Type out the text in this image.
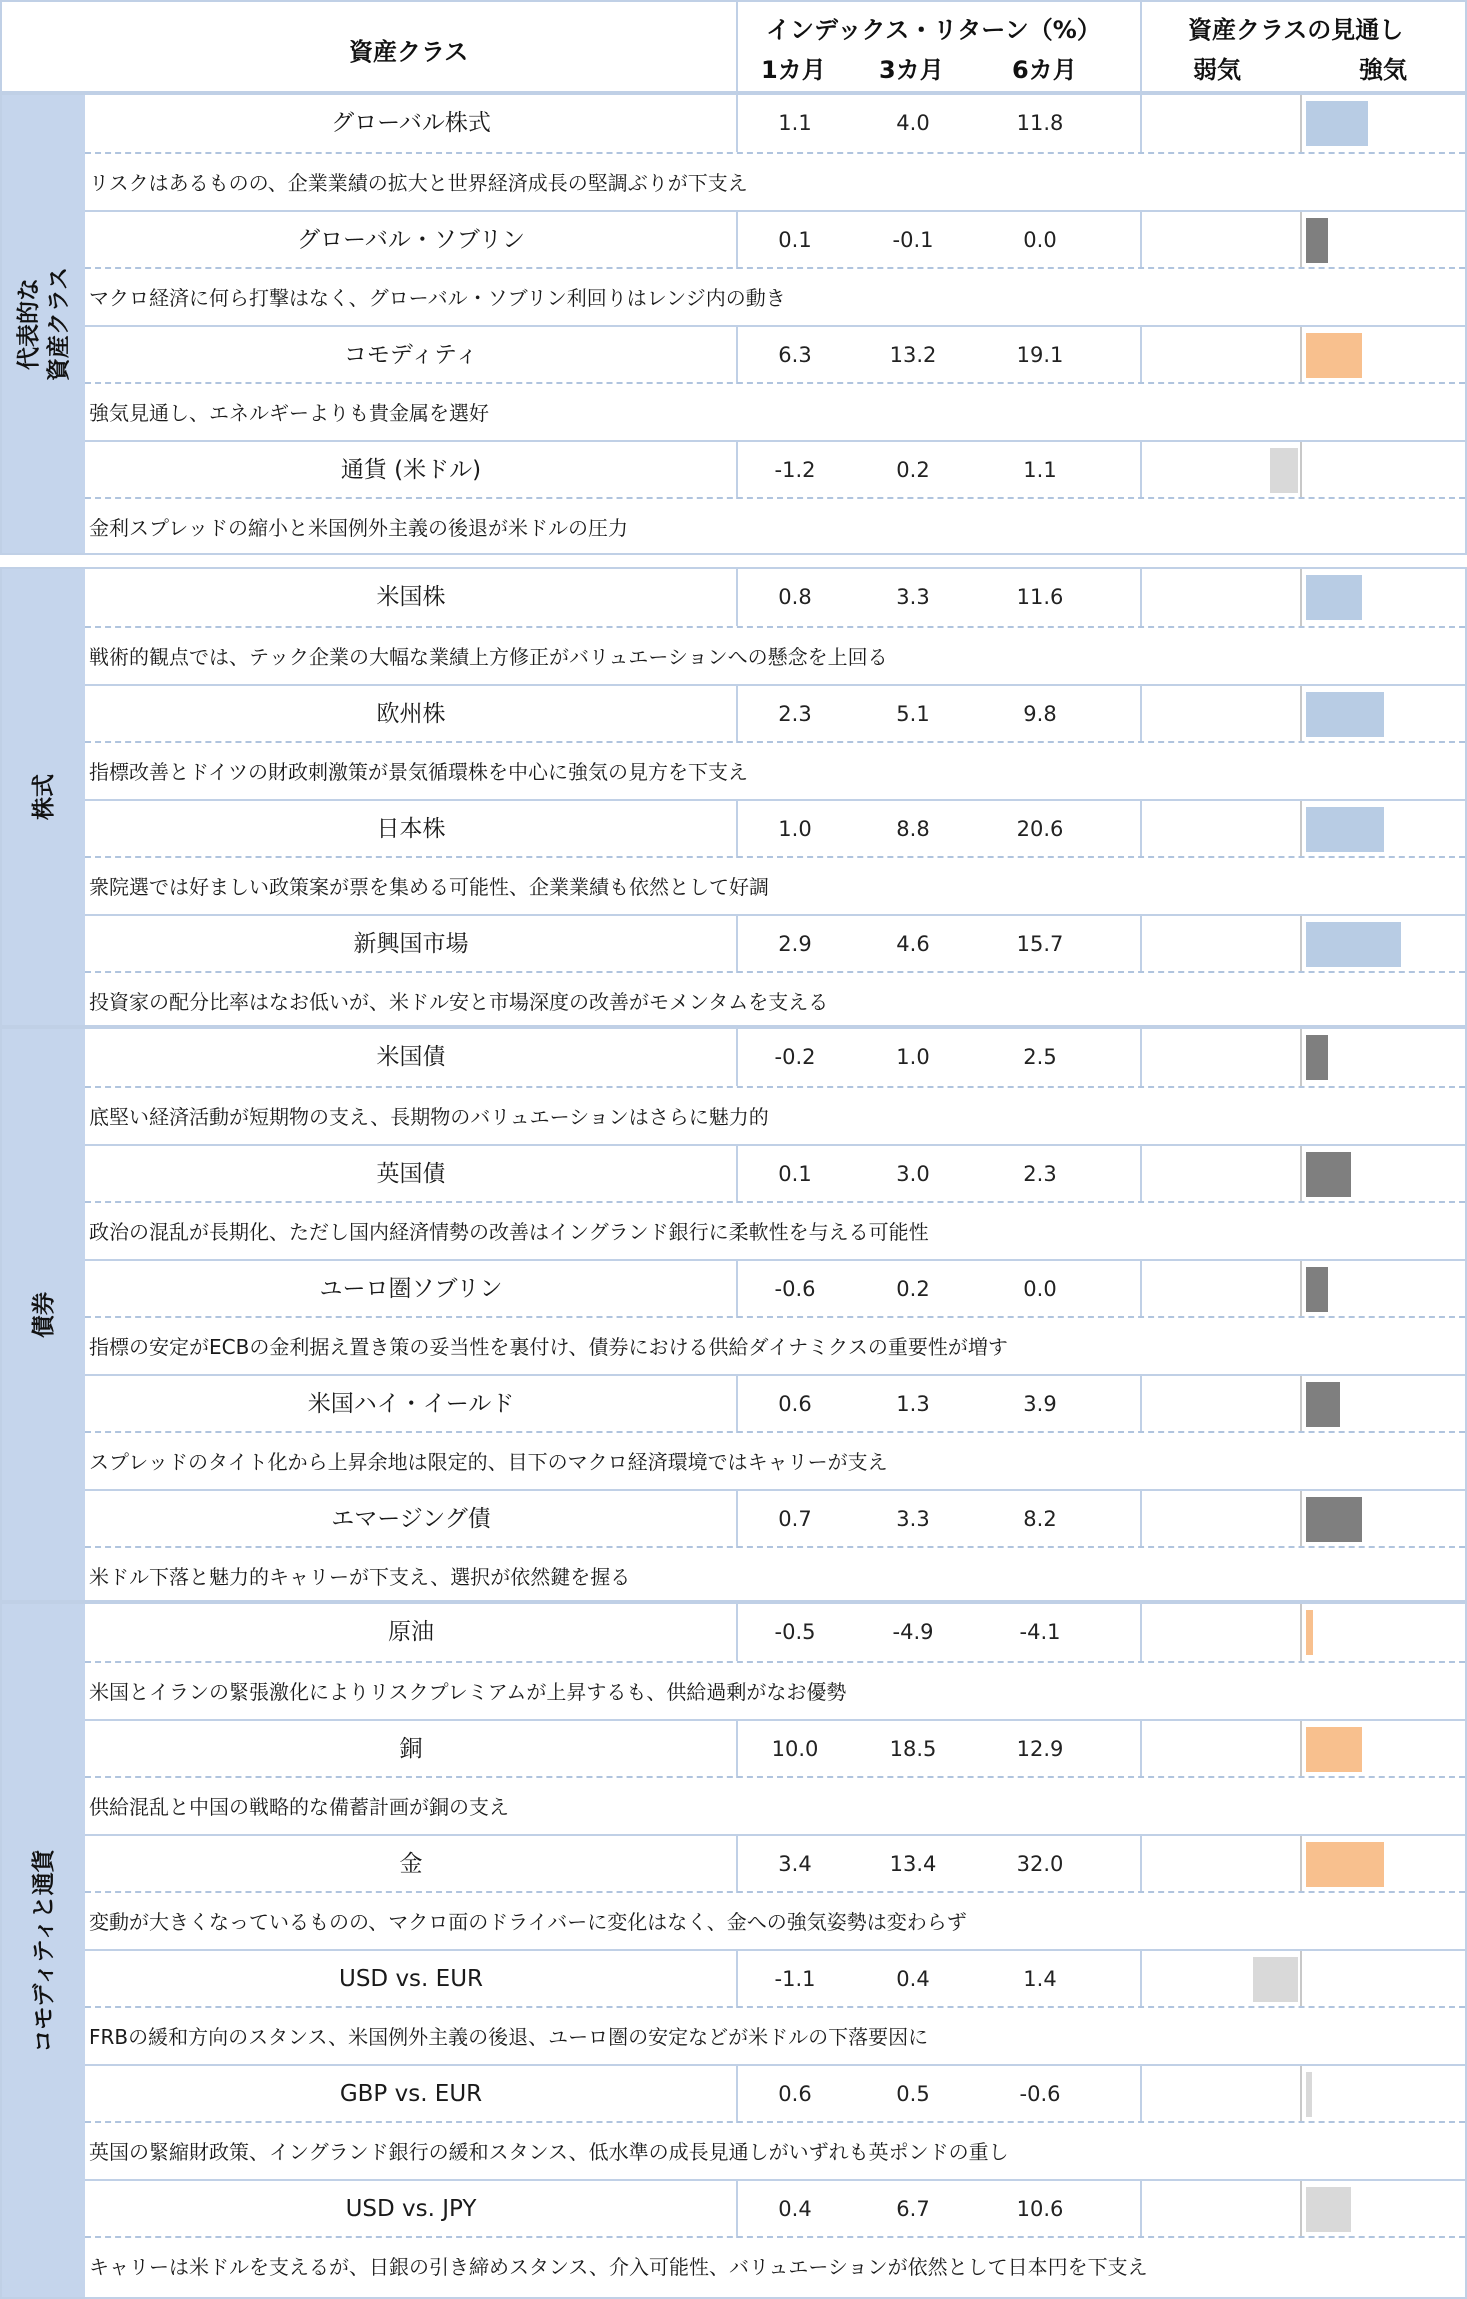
資産クラス
インデックス・リターン（%）
1カ月 3カ月	6カ月
資産クラスの見通し
弱気	強気
代表的な
資産クラス
グローバル株式	1.1	4.0	11.8
リスクはあるものの、企業業績の拡大と世界経済成長の堅調ぶりが下支え
グローバル・ソブリン	0.1	-0.1	0.0
マクロ経済に何ら打撃はなく、グローバル・ソブリン利回りはレンジ内の動き
コモディティ	6.3	13.2	19.1
強気見通し、エネルギーよりも貴金属を選好
通貨 (米ドル)	-1.2	0.2	1.1
金利スプレッドの縮小と米国例外主義の後退が米ドルの圧力
株式
米国株	0.8	3.3	11.6
戦術的観点では、テック企業の大幅な業績上方修正がバリュエーションへの懸念を上回る
欧州株	2.3	5.1	9.8
指標改善とドイツの財政刺激策が景気循環株を中心に強気の見方を下支え
日本株	1.0	8.8	20.6
衆院選では好ましい政策案が票を集める可能性、企業業績も依然として好調
新興国市場	2.9	4.6	15.7
投資家の配分比率はなお低いが、米ドル安と市場深度の改善がモメンタムを支える
債券
米国債	-0.2	1.0	2.5
底堅い経済活動が短期物の支え、長期物のバリュエーションはさらに魅力的
英国債	0.1	3.0	2.3
政治の混乱が長期化、ただし国内経済情勢の改善はイングランド銀行に柔軟性を与える可能性
ユーロ圏ソブリン	-0.6	0.2	0.0
指標の安定がECBの金利据え置き策の妥当性を裏付け、債券における供給ダイナミクスの重要性が増す
米国ハイ・イールド	0.6	1.3	3.9
スプレッドのタイト化から上昇余地は限定的、目下のマクロ経済環境ではキャリーが支え
エマージング債	0.7	3.3	8.2
米ドル下落と魅力的キャリーが下支え、選択が依然鍵を握る
コモディティと通貨
原油	-0.5	-4.9	-4.1
米国とイランの緊張激化によりリスクプレミアムが上昇するも、供給過剰がなお優勢
銅	10.0	18.5	12.9
供給混乱と中国の戦略的な備蓄計画が銅の支え
金	3.4	13.4	32.0
変動が大きくなっているものの、マクロ面のドライバーに変化はなく、金への強気姿勢は変わらず
USD vs. EUR	-1.1	0.4	1.4
FRBの緩和方向のスタンス、米国例外主義の後退、ユーロ圏の安定などが米ドルの下落要因に
GBP vs. EUR	0.6	0.5	-0.6
英国の緊縮財政策、イングランド銀行の緩和スタンス、低水準の成長見通しがいずれも英ポンドの重し
USD vs. JPY	0.4	6.7	10.6
キャリーは米ドルを支えるが、日銀の引き締めスタンス、介入可能性、バリュエーションが依然として日本円を下支え
